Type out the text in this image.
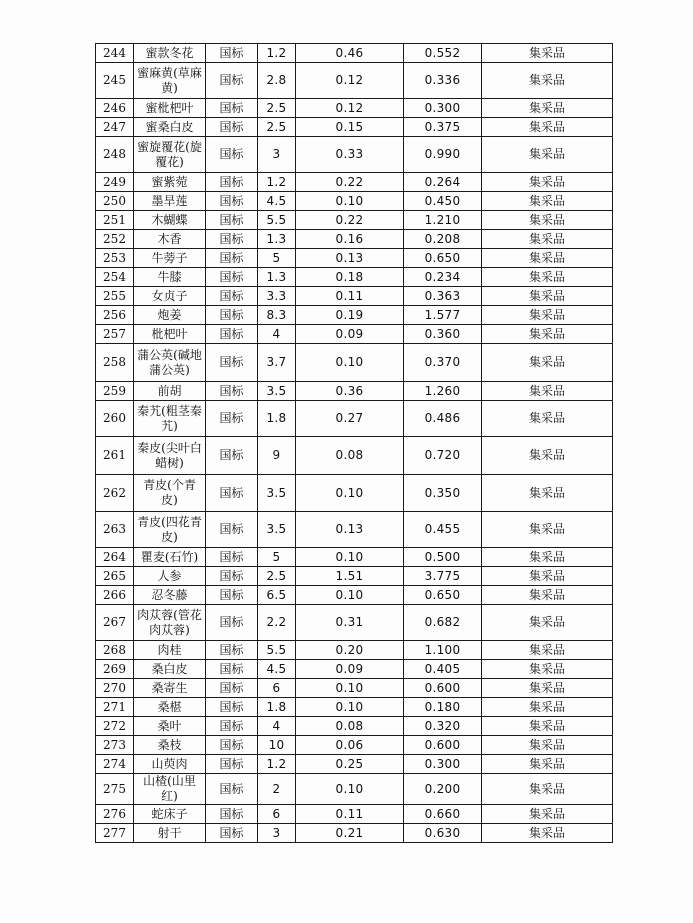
244	蜜款冬花	国标	1.2	0.46	0.552	集采品
245	蜜麻黄(草麻黄)	国标	2.8	0.12	0.336	集采品
246	蜜枇杷叶	国标	2.5	0.12	0.300	集采品
247	蜜桑白皮	国标	2.5	0.15	0.375	集采品
248	蜜旋覆花(旋覆花)	国标	3	0.33	0.990	集采品
249	蜜紫菀	国标	1.2	0.22	0.264	集采品
250	墨旱莲	国标	4.5	0.10	0.450	集采品
251	木蝴蝶	国标	5.5	0.22	1.210	集采品
252	木香	国标	1.3	0.16	0.208	集采品
253	牛蒡子	国标	5	0.13	0.650	集采品
254	牛膝	国标	1.3	0.18	0.234	集采品
255	女贞子	国标	3.3	0.11	0.363	集采品
256	炮姜	国标	8.3	0.19	1.577	集采品
257	枇杷叶	国标	4	0.09	0.360	集采品
258	蒲公英(碱地蒲公英)	国标	3.7	0.10	0.370	集采品
259	前胡	国标	3.5	0.36	1.260	集采品
260	秦艽(粗茎秦艽)	国标	1.8	0.27	0.486	集采品
261	秦皮(尖叶白蜡树)	国标	9	0.08	0.720	集采品
262	青皮(个青皮)	国标	3.5	0.10	0.350	集采品
263	青皮(四花青皮)	国标	3.5	0.13	0.455	集采品
264	瞿麦(石竹)	国标	5	0.10	0.500	集采品
265	人参	国标	2.5	1.51	3.775	集采品
266	忍冬藤	国标	6.5	0.10	0.650	集采品
267	肉苁蓉(管花肉苁蓉)	国标	2.2	0.31	0.682	集采品
268	肉桂	国标	5.5	0.20	1.100	集采品
269	桑白皮	国标	4.5	0.09	0.405	集采品
270	桑寄生	国标	6	0.10	0.600	集采品
271	桑椹	国标	1.8	0.10	0.180	集采品
272	桑叶	国标	4	0.08	0.320	集采品
273	桑枝	国标	10	0.06	0.600	集采品
274	山萸肉	国标	1.2	0.25	0.300	集采品
275	山楂(山里红)	国标	2	0.10	0.200	集采品
276	蛇床子	国标	6	0.11	0.660	集采品
277	射干	国标	3	0.21	0.630	集采品
